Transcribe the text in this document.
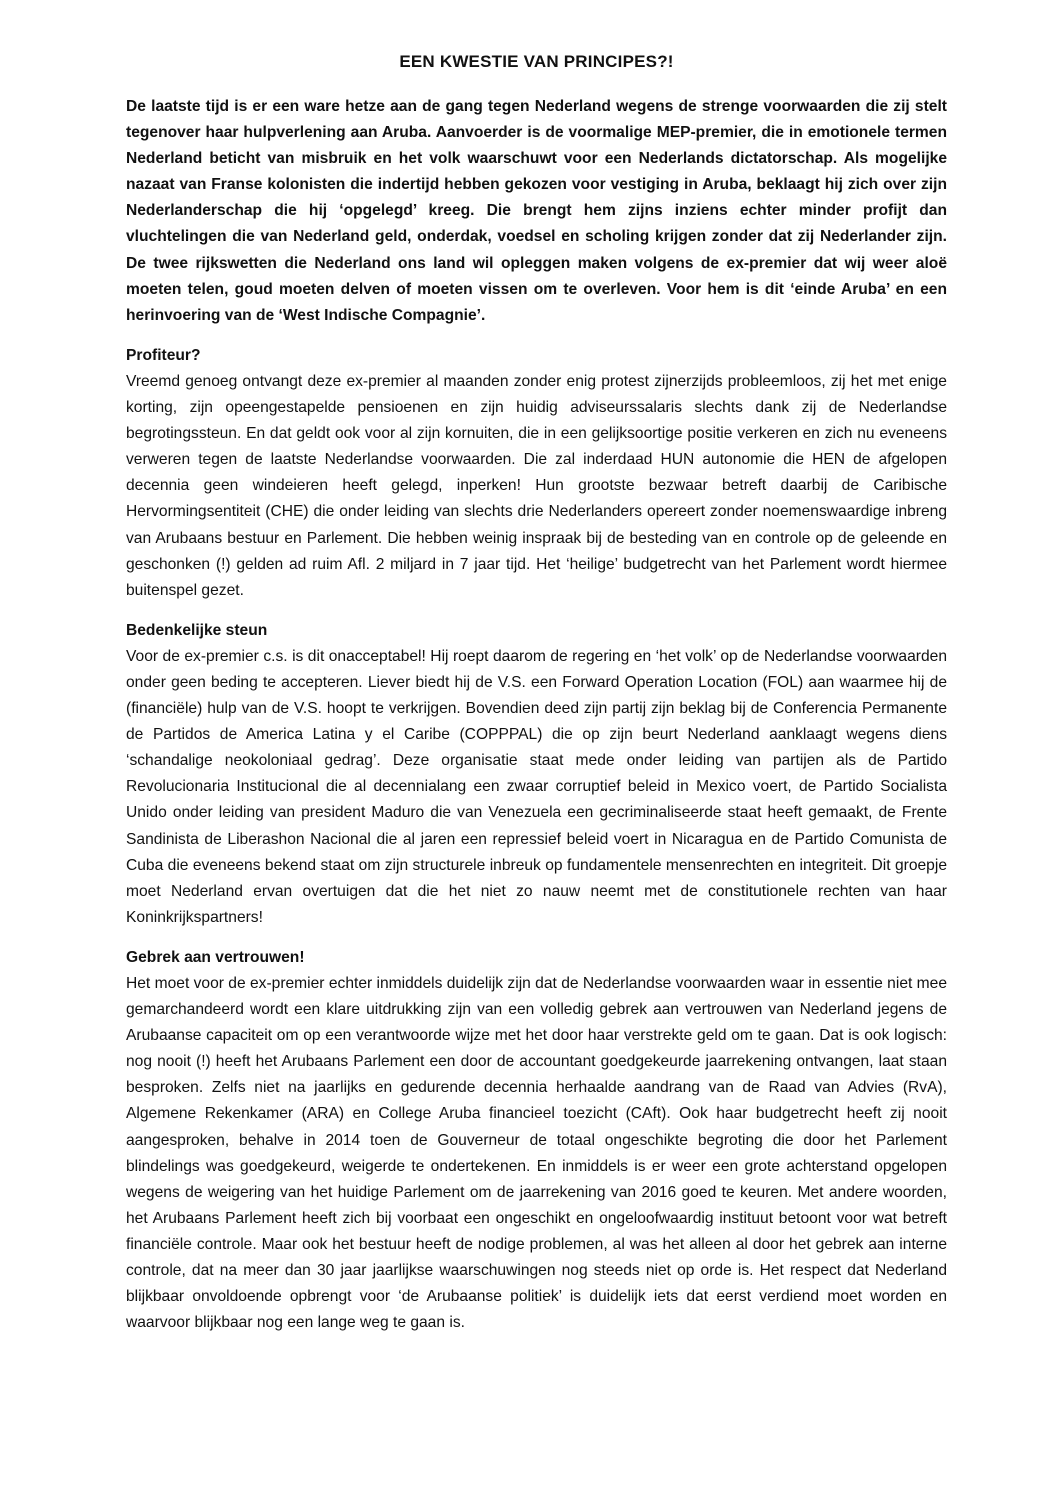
EEN KWESTIE VAN PRINCIPES?!

De laatste tijd is er een ware hetze aan de gang tegen Nederland wegens de strenge voorwaarden die zij stelt tegenover haar hulpverlening aan Aruba. Aanvoerder is de voormalige MEP-premier, die in emotionele termen Nederland beticht van misbruik en het volk waarschuwt voor een Nederlands dictatorschap. Als mogelijke nazaat van Franse kolonisten die indertijd hebben gekozen voor vestiging in Aruba, beklaagt hij zich over zijn Nederlanderschap die hij ‘opgelegd’ kreeg. Die brengt hem zijns inziens echter minder profijt dan vluchtelingen die van Nederland geld, onderdak, voedsel en scholing krijgen zonder dat zij Nederlander zijn. De twee rijkswetten die Nederland ons land wil opleggen maken volgens de ex-premier dat wij weer aloë moeten telen, goud moeten delven of moeten vissen om te overleven. Voor hem is dit ‘einde Aruba’ en een herinvoering van de ‘West Indische Compagnie’.

Profiteur?

Vreemd genoeg ontvangt deze ex-premier al maanden zonder enig protest zijnerzijds probleemloos, zij het met enige korting, zijn opeengestapelde pensioenen en zijn huidig adviseurssalaris slechts dank zij de Nederlandse begrotingssteun. En dat geldt ook voor al zijn kornuiten, die in een gelijksoortige positie verkeren en zich nu eveneens verweren tegen de laatste Nederlandse voorwaarden. Die zal inderdaad HUN autonomie die HEN de afgelopen decennia geen windeieren heeft gelegd, inperken! Hun grootste bezwaar betreft daarbij de Caribische Hervormingsentiteit (CHE) die onder leiding van slechts drie Nederlanders opereert zonder noemenswaardige inbreng van Arubaans bestuur en Parlement. Die hebben weinig inspraak bij de besteding van en controle op de geleende en geschonken (!) gelden ad ruim Afl. 2 miljard in 7 jaar tijd. Het ‘heilige’ budgetrecht van het Parlement wordt hiermee buitenspel gezet.

Bedenkelijke steun

Voor de ex-premier c.s. is dit onacceptabel! Hij roept daarom de regering en ‘het volk’ op de Nederlandse voorwaarden onder geen beding te accepteren. Liever biedt hij de V.S. een Forward Operation Location (FOL) aan waarmee hij de (financiële) hulp van de V.S. hoopt te verkrijgen. Bovendien deed zijn partij zijn beklag bij de Conferencia Permanente de Partidos de America Latina y el Caribe (COPPPAL) die op zijn beurt Nederland aanklaagt wegens diens ‘schandalige neokoloniaal gedrag’. Deze organisatie staat mede onder leiding van partijen als de Partido Revolucionaria Institucional die al decennialang een zwaar corruptief beleid in Mexico voert, de Partido Socialista Unido onder leiding van president Maduro die van Venezuela een gecriminaliseerde staat heeft gemaakt, de Frente Sandinista de Liberashon Nacional die al jaren een repressief beleid voert in Nicaragua en de Partido Comunista de Cuba die eveneens bekend staat om zijn structurele inbreuk op fundamentele mensenrechten en integriteit. Dit groepje moet Nederland ervan overtuigen dat die het niet zo nauw neemt met de constitutionele rechten van haar Koninkrijkspartners!

Gebrek aan vertrouwen!

Het moet voor de ex-premier echter inmiddels duidelijk zijn dat de Nederlandse voorwaarden waar in essentie niet mee gemarchandeerd wordt een klare uitdrukking zijn van een volledig gebrek aan vertrouwen van Nederland jegens de Arubaanse capaciteit om op een verantwoorde wijze met het door haar verstrekte geld om te gaan. Dat is ook logisch: nog nooit (!) heeft het Arubaans Parlement een door de accountant goedgekeurde jaarrekening ontvangen, laat staan besproken. Zelfs niet na jaarlijks en gedurende decennia herhaalde aandrang van de Raad van Advies (RvA), Algemene Rekenkamer (ARA) en College Aruba financieel toezicht (CAft). Ook haar budgetrecht heeft zij nooit aangesproken, behalve in 2014 toen de Gouverneur de totaal ongeschikte begroting die door het Parlement blindelings was goedgekeurd, weigerde te ondertekenen. En inmiddels is er weer een grote achterstand opgelopen wegens de weigering van het huidige Parlement om de jaarrekening van 2016 goed te keuren. Met andere woorden, het Arubaans Parlement heeft zich bij voorbaat een ongeschikt en ongeloofwaardig instituut betoont voor wat betreft financiële controle. Maar ook het bestuur heeft de nodige problemen, al was het alleen al door het gebrek aan interne controle, dat na meer dan 30 jaar jaarlijkse waarschuwingen nog steeds niet op orde is. Het respect dat Nederland blijkbaar onvoldoende opbrengt voor ‘de Arubaanse politiek’ is duidelijk iets dat eerst verdiend moet worden en waarvoor blijkbaar nog een lange weg te gaan is.
